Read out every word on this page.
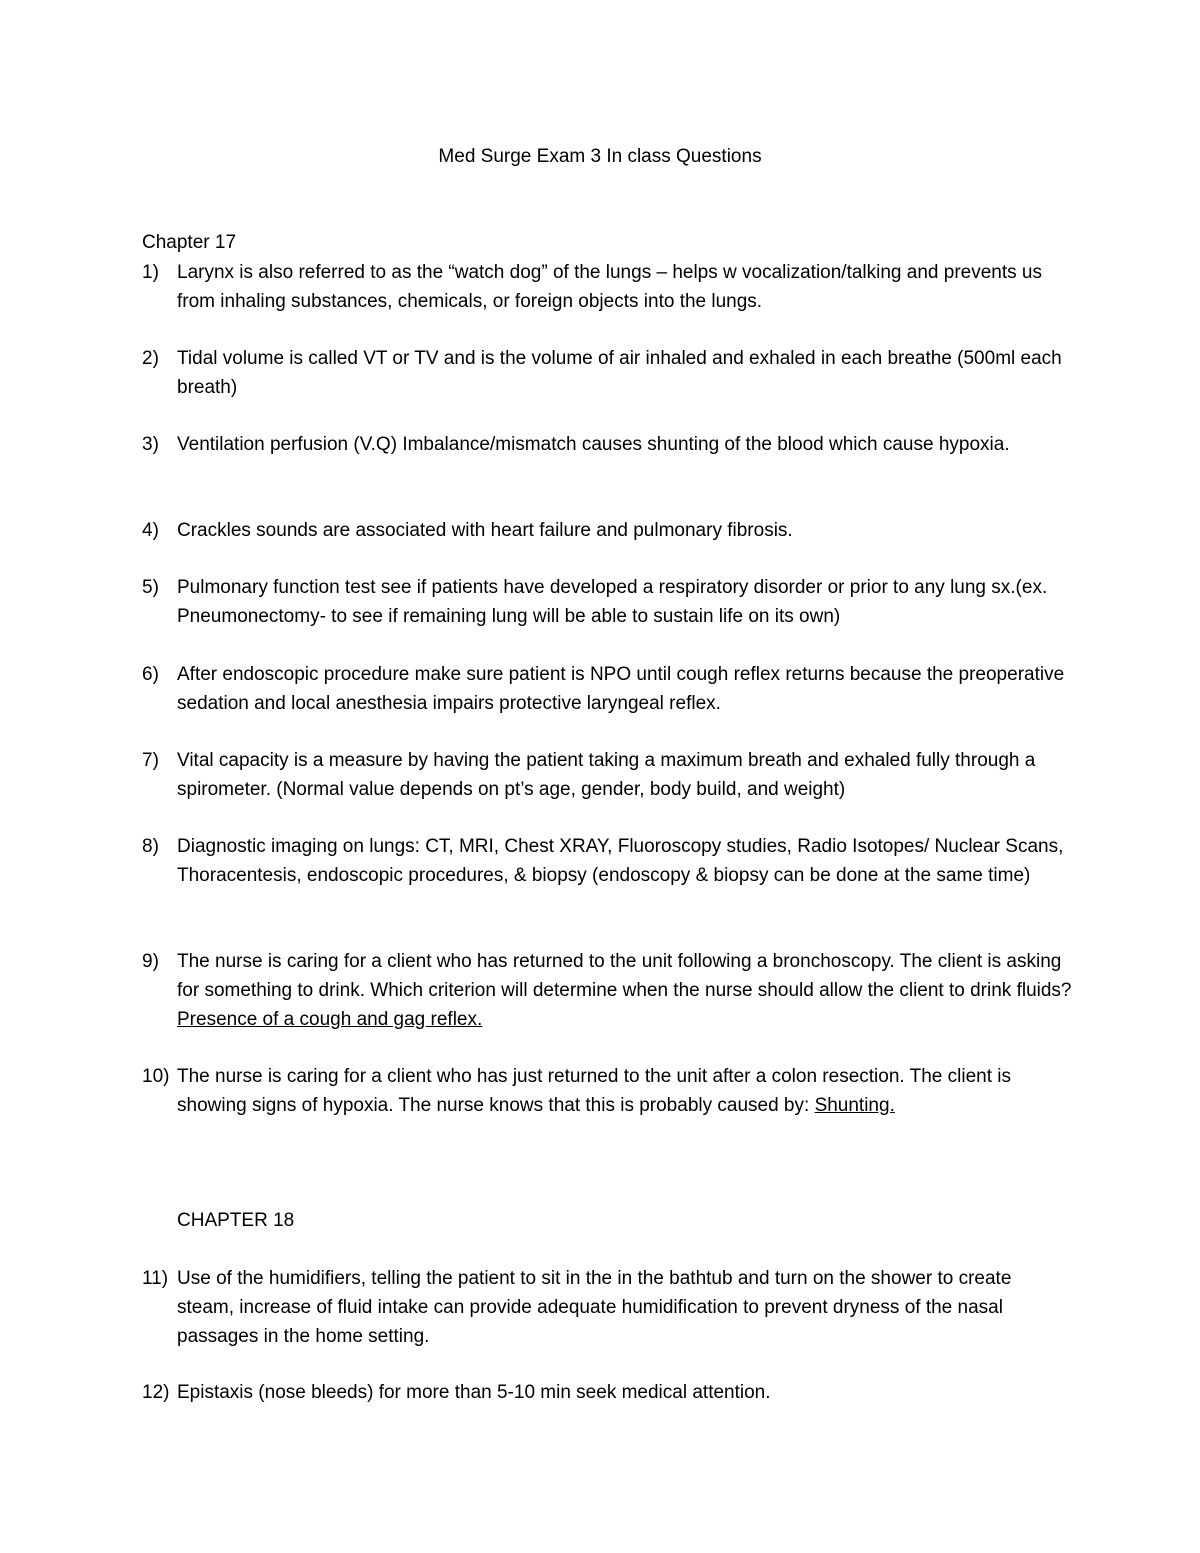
Med Surge Exam 3 In class Questions
Chapter 17
1) Larynx is also referred to as the “watch dog” of the lungs – helps w vocalization/talking and prevents us from inhaling substances, chemicals, or foreign objects into the lungs.
2) Tidal volume is called VT or TV and is the volume of air inhaled and exhaled in each breathe (500ml each breath)
3) Ventilation perfusion (V.Q) Imbalance/mismatch causes shunting of the blood which cause hypoxia.
4) Crackles sounds are associated with heart failure and pulmonary fibrosis.
5) Pulmonary function test see if patients have developed a respiratory disorder or prior to any lung sx.(ex. Pneumonectomy- to see if remaining lung will be able to sustain life on its own)
6) After endoscopic procedure make sure patient is NPO until cough reflex returns because the preoperative sedation and local anesthesia impairs protective laryngeal reflex.
7) Vital capacity is a measure by having the patient taking a maximum breath and exhaled fully through a spirometer. (Normal value depends on pt’s age, gender, body build, and weight)
8) Diagnostic imaging on lungs: CT, MRI, Chest XRAY, Fluoroscopy studies, Radio Isotopes/ Nuclear Scans, Thoracentesis, endoscopic procedures, & biopsy (endoscopy & biopsy can be done at the same time)
9) The nurse is caring for a client who has returned to the unit following a bronchoscopy. The client is asking for something to drink. Which criterion will determine when the nurse should allow the client to drink fluids? Presence of a cough and gag reflex.
10) The nurse is caring for a client who has just returned to the unit after a colon resection. The client is showing signs of hypoxia. The nurse knows that this is probably caused by: Shunting.
CHAPTER 18
11) Use of the humidifiers, telling the patient to sit in the in the bathtub and turn on the shower to create steam, increase of fluid intake can provide adequate humidification to prevent dryness of the nasal passages in the home setting.
12) Epistaxis (nose bleeds) for more than 5-10 min seek medical attention.
